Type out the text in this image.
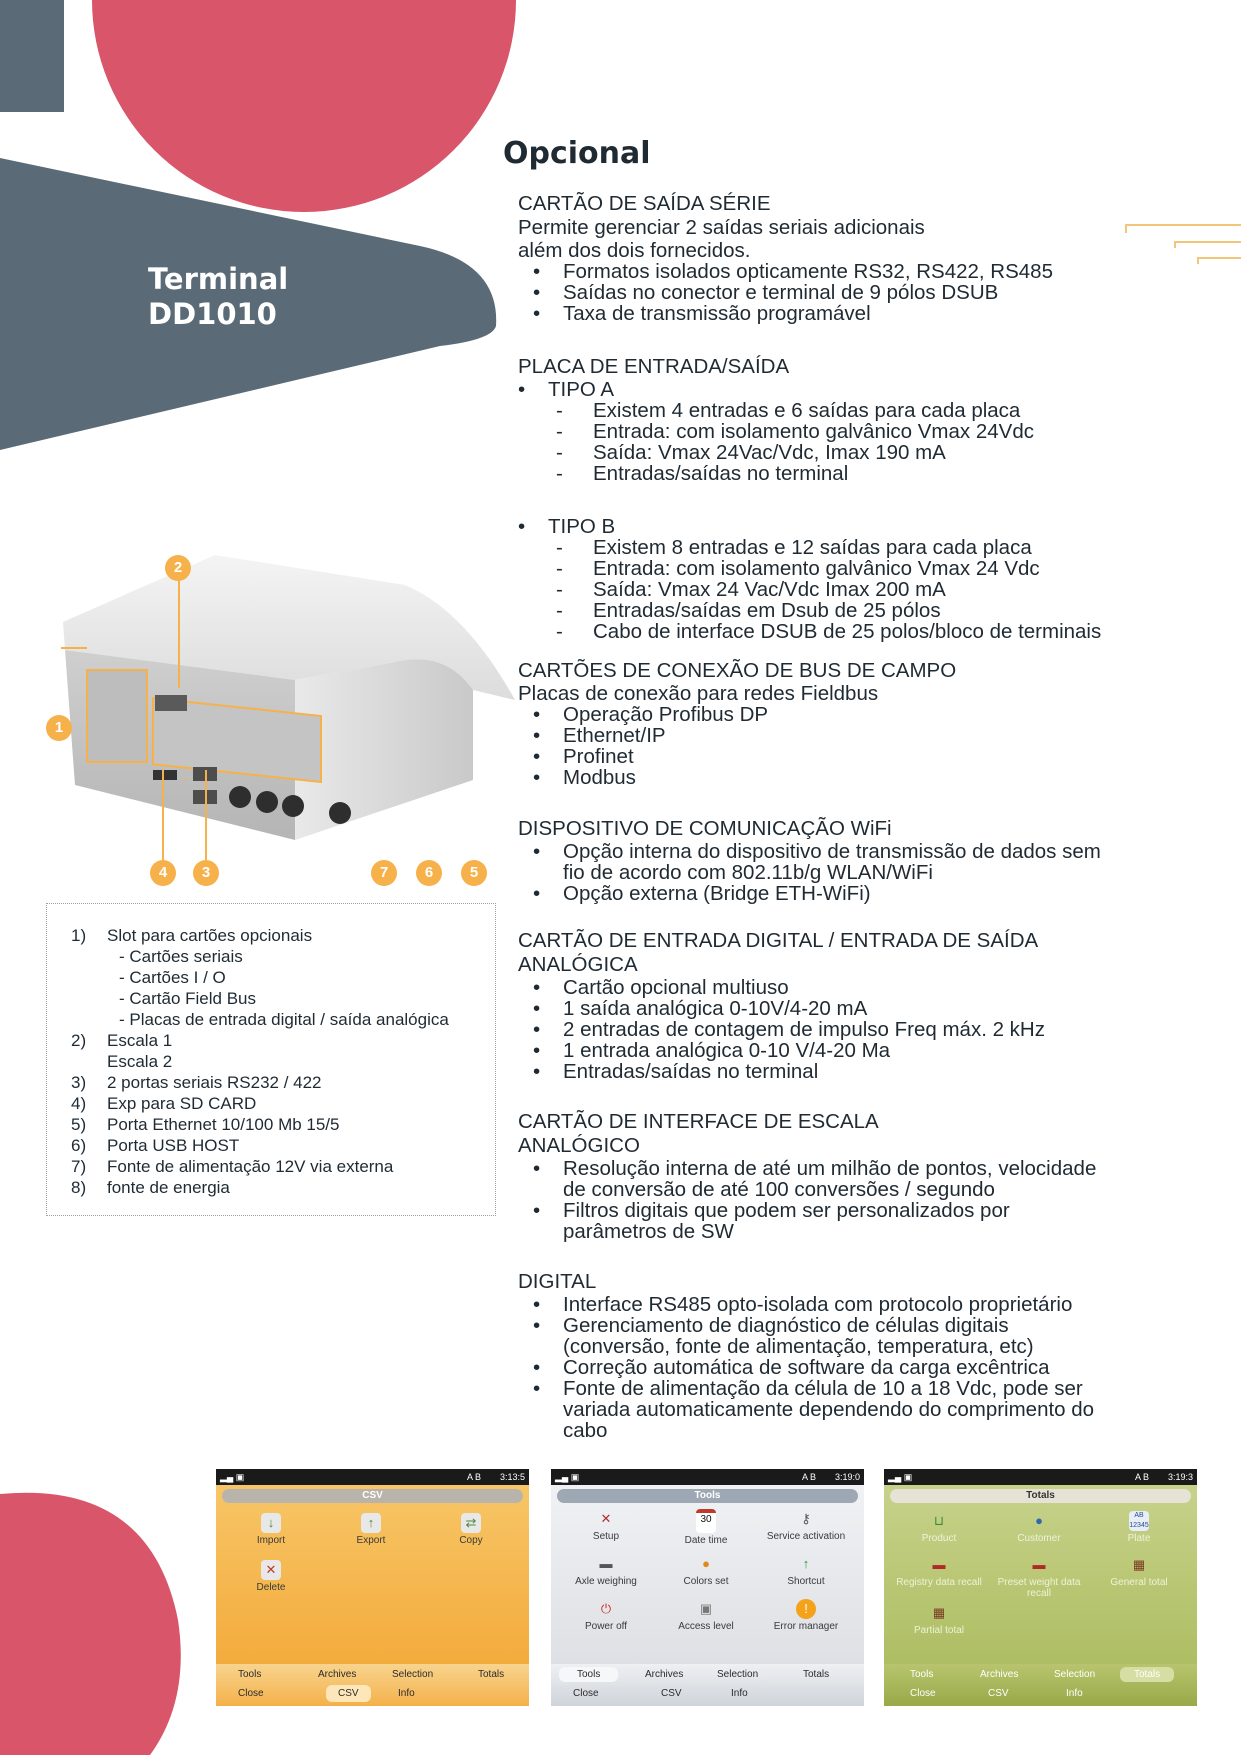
Terminal
DD1010
Opcional
CARTÃO DE SAÍDA SÉRIE
Permite gerenciar 2 saídas seriais adicionais
além dos dois fornecidos.
• Formatos isolados opticamente RS32, RS422, RS485
• Saídas no conector e terminal de 9 pólos DSUB
• Taxa de transmissão programável
PLACA DE ENTRADA/SAÍDA
• TIPO A
- Existem 4 entradas e 6 saídas para cada placa
- Entrada: com isolamento galvânico Vmax 24Vdc
- Saída: Vmax 24Vac/Vdc, Imax 190 mA
- Entradas/saídas no terminal
• TIPO B
- Existem 8 entradas e 12 saídas para cada placa
- Entrada: com isolamento galvânico Vmax 24 Vdc
- Saída: Vmax 24 Vac/Vdc Imax 200 mA
- Entradas/saídas em Dsub de 25 pólos
- Cabo de interface DSUB de 25 polos/bloco de terminais
CARTÕES DE CONEXÃO DE BUS DE CAMPO
Placas de conexão para redes Fieldbus
• Operação Profibus DP
• Ethernet/IP
• Profinet
• Modbus
DISPOSITIVO DE COMUNICAÇÃO WiFi
• Opção interna do dispositivo de transmissão de dados sem
fio de acordo com 802.11b/g WLAN/WiFi
• Opção externa (Bridge ETH-WiFi)
CARTÃO DE ENTRADA DIGITAL / ENTRADA DE SAÍDA
ANALÓGICA
• Cartão opcional multiuso
• 1 saída analógica 0-10V/4-20 mA
• 2 entradas de contagem de impulso Freq máx. 2 kHz
• 1 entrada analógica 0-10 V/4-20 Ma
• Entradas/saídas no terminal
CARTÃO DE INTERFACE DE ESCALA
ANALÓGICO
• Resolução interna de até um milhão de pontos, velocidade
de conversão de até 100 conversões / segundo
• Filtros digitais que podem ser personalizados por
parâmetros de SW
DIGITAL
• Interface RS485 opto-isolada com protocolo proprietário
• Gerenciamento de diagnóstico de células digitais
(conversão, fonte de alimentação, temperatura, etc)
• Correção automática de software da carga excêntrica
• Fonte de alimentação da célula de 10 a 18 Vdc, pode ser
variada automaticamente dependendo do comprimento do
cabo
2
1
4	3	7	6	5
1)	Slot para cartões opcionais
- Cartões seriais
- Cartões I / O
- Cartão Field Bus
- Placas de entrada digital / saída analógica
2)	Escala 1
Escala 2
3)	2 portas seriais RS232 / 422
4)	Exp para SD CARD
5)	Porta Ethernet 10/100 Mb 15/5
6)	Porta USB HOST
7)	Fonte de alimentação 12V via externa
8)	fonte de energia
▂▄ ▣	A B 3:13:5
CSV
↓
Import
↑
Export
⇄
Copy
✕
Delete
Tools	Archives	Selection	Totals
Close	CSV	Info
▂▄ ▣	A B 3:19:0
Tools
✕
Setup
30
Date time
⚷
Service activation
▬
Axle weighing
●
Colors set
↑
Shortcut
⏻
Power off
▣
Access level
!
Error manager
Tools	Archives	Selection	Totals
Close	CSV	Info
▂▄ ▣	A B 3:19:3
Totals
⊔
Product
●
Customer
AB 12345
Plate
▬
Registry data recall
▬
Preset weight data recall
▦
General total
▦
Partial total
Tools	Archives	Selection	Totals
Close	CSV	Info
